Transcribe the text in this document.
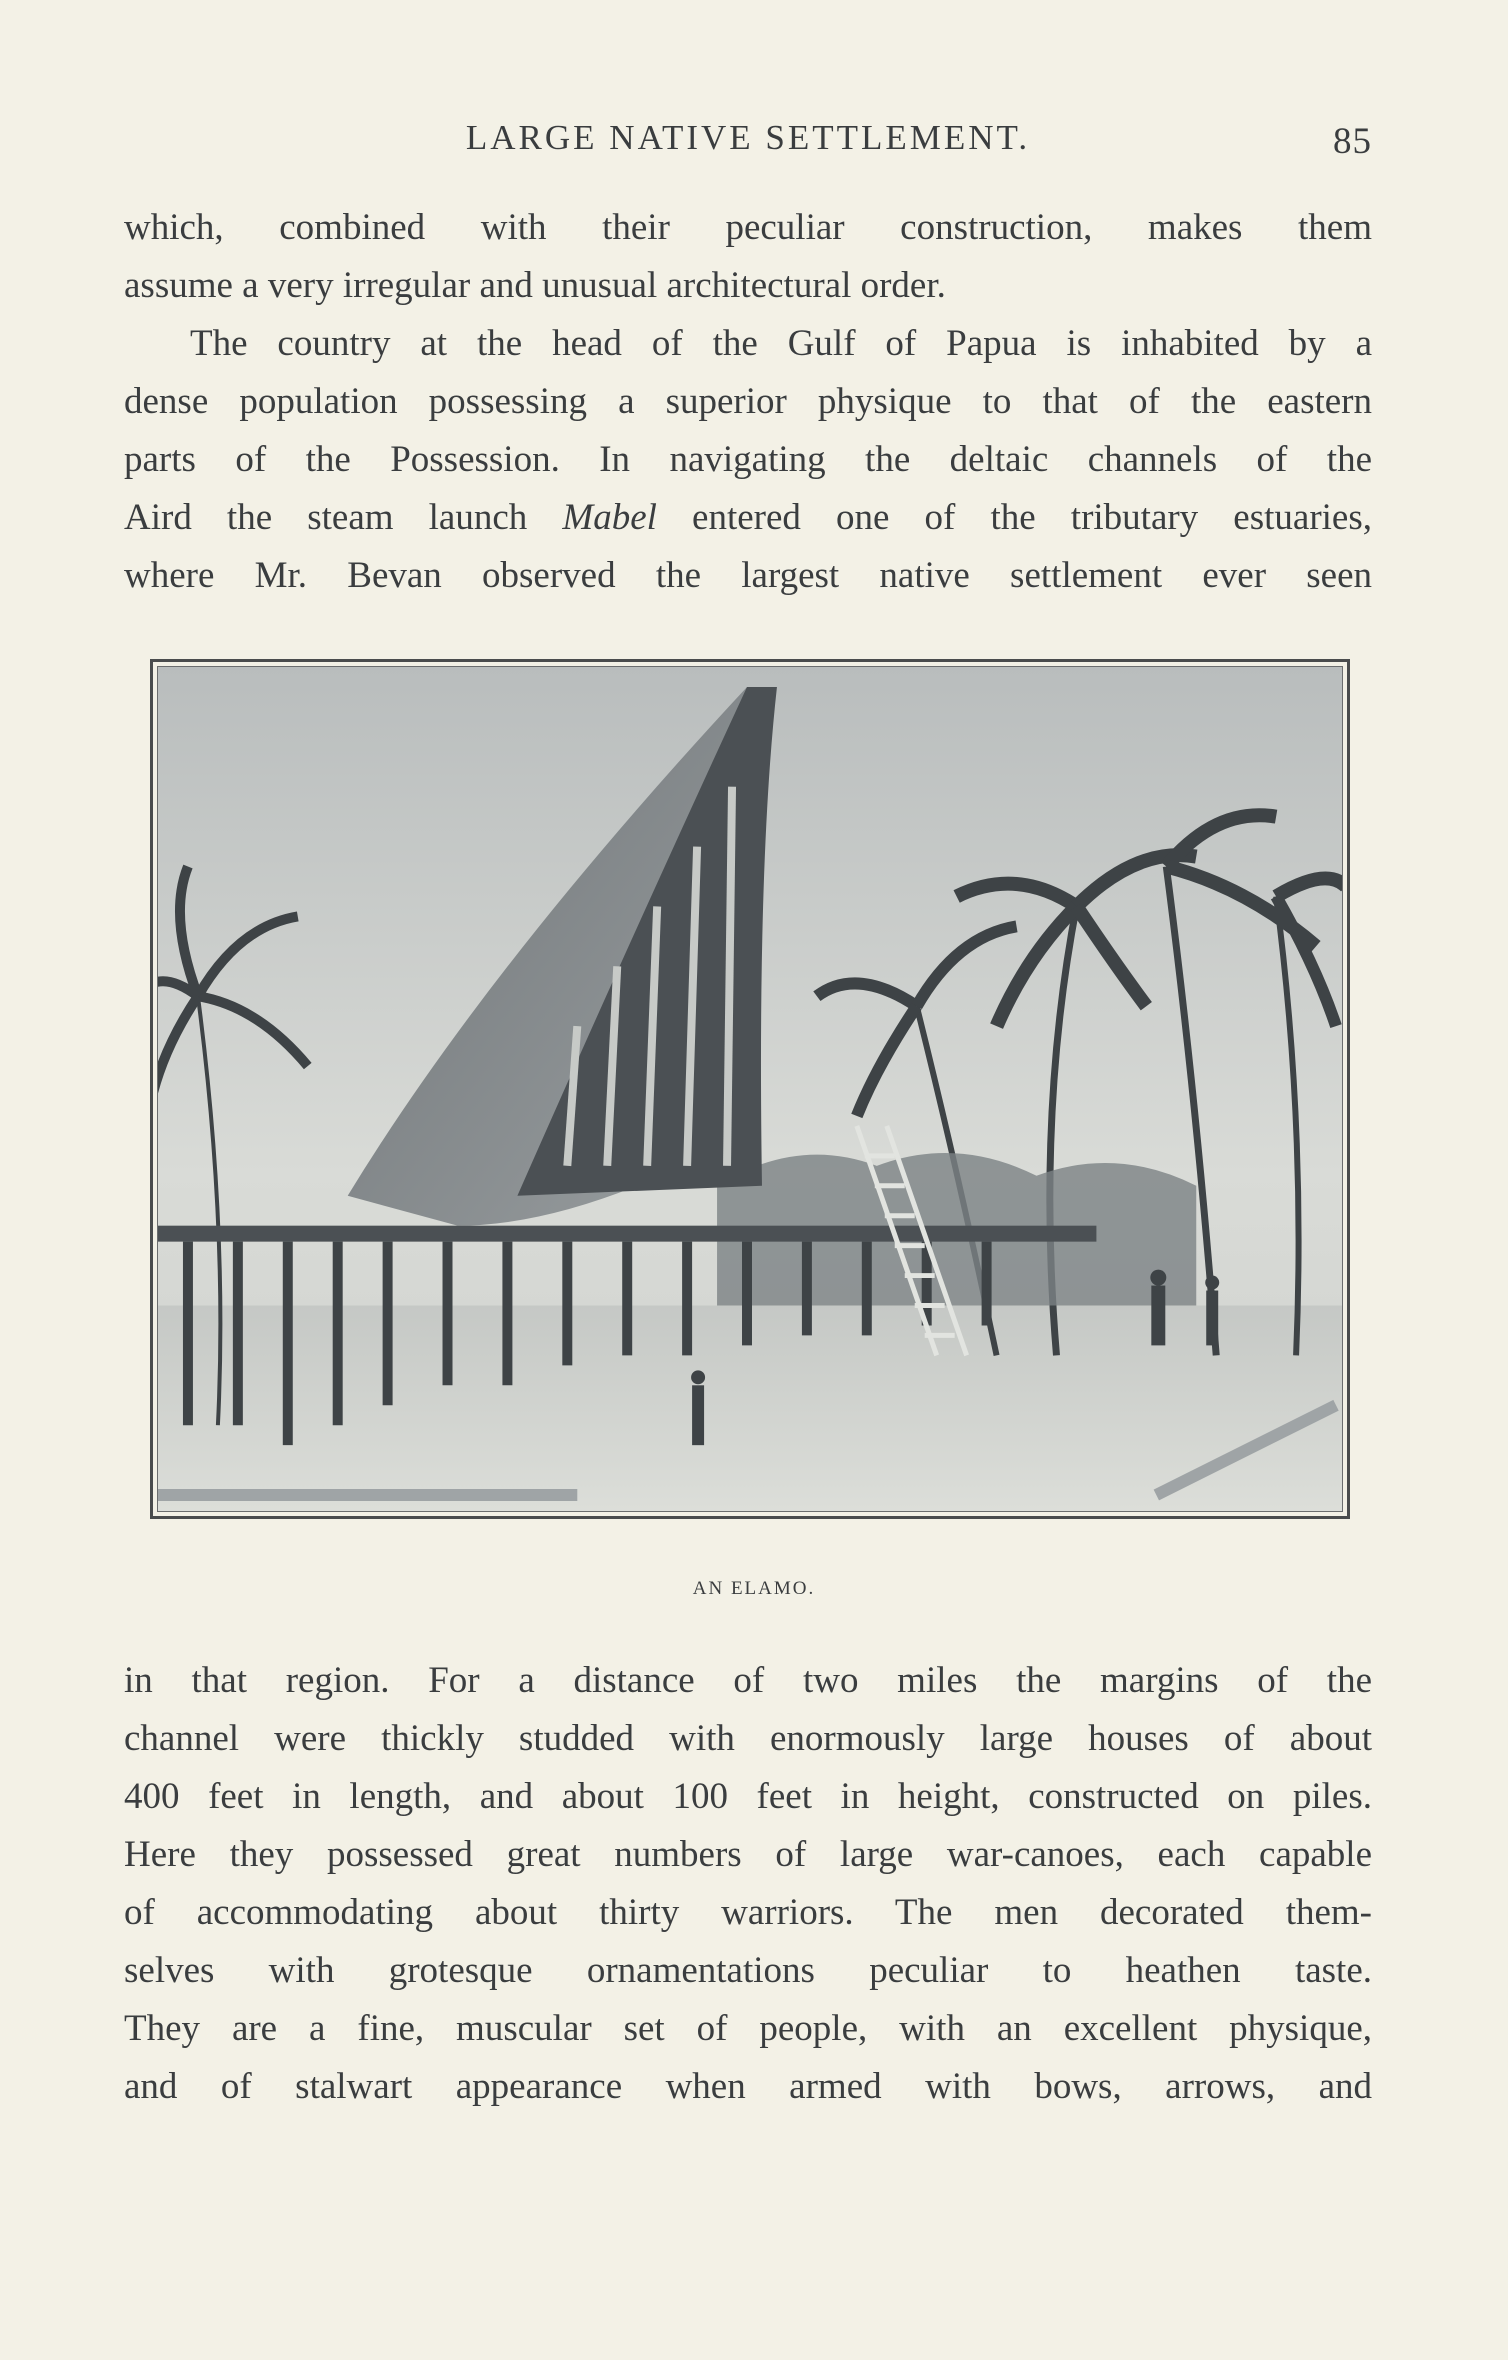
LARGE NATIVE SETTLEMENT.	85
which, combined with their peculiar construction, makes them
assume a very irregular and unusual architectural order.
The country at the head of the Gulf of Papua is inhabited by a
dense population possessing a superior physique to that of the eastern
parts of the Possession. In navigating the deltaic channels of the
Aird the steam launch Mabel entered one of the tributary estuaries,
where Mr. Bevan observed the largest native settlement ever seen
AN ELAMO.
in that region. For a distance of two miles the margins of the
channel were thickly studded with enormously large houses of about
400 feet in length, and about 100 feet in height, constructed on piles.
Here they possessed great numbers of large war-canoes, each capable
of accommodating about thirty warriors. The men decorated them-
selves with grotesque ornamentations peculiar to heathen taste.
They are a fine, muscular set of people, with an excellent physique,
and of stalwart appearance when armed with bows, arrows, and
